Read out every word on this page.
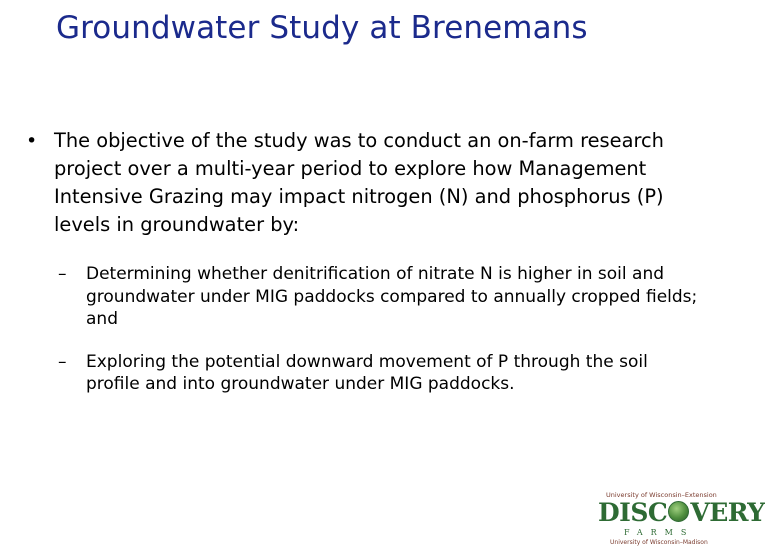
Groundwater Study at Brenemans
• The objective of the study was to conduct an on-farm research project over a multi-year period to explore how Management Intensive Grazing may impact nitrogen (N) and phosphorus (P) levels in groundwater by:
– Determining whether denitrification of nitrate N is higher in soil and groundwater under MIG paddocks compared to annually cropped fields; and
– Exploring the potential downward movement of P through the soil profile and into groundwater under MIG paddocks.
University of Wisconsin–Extension
DISC VERY
FARMS
University of Wisconsin–Madison
